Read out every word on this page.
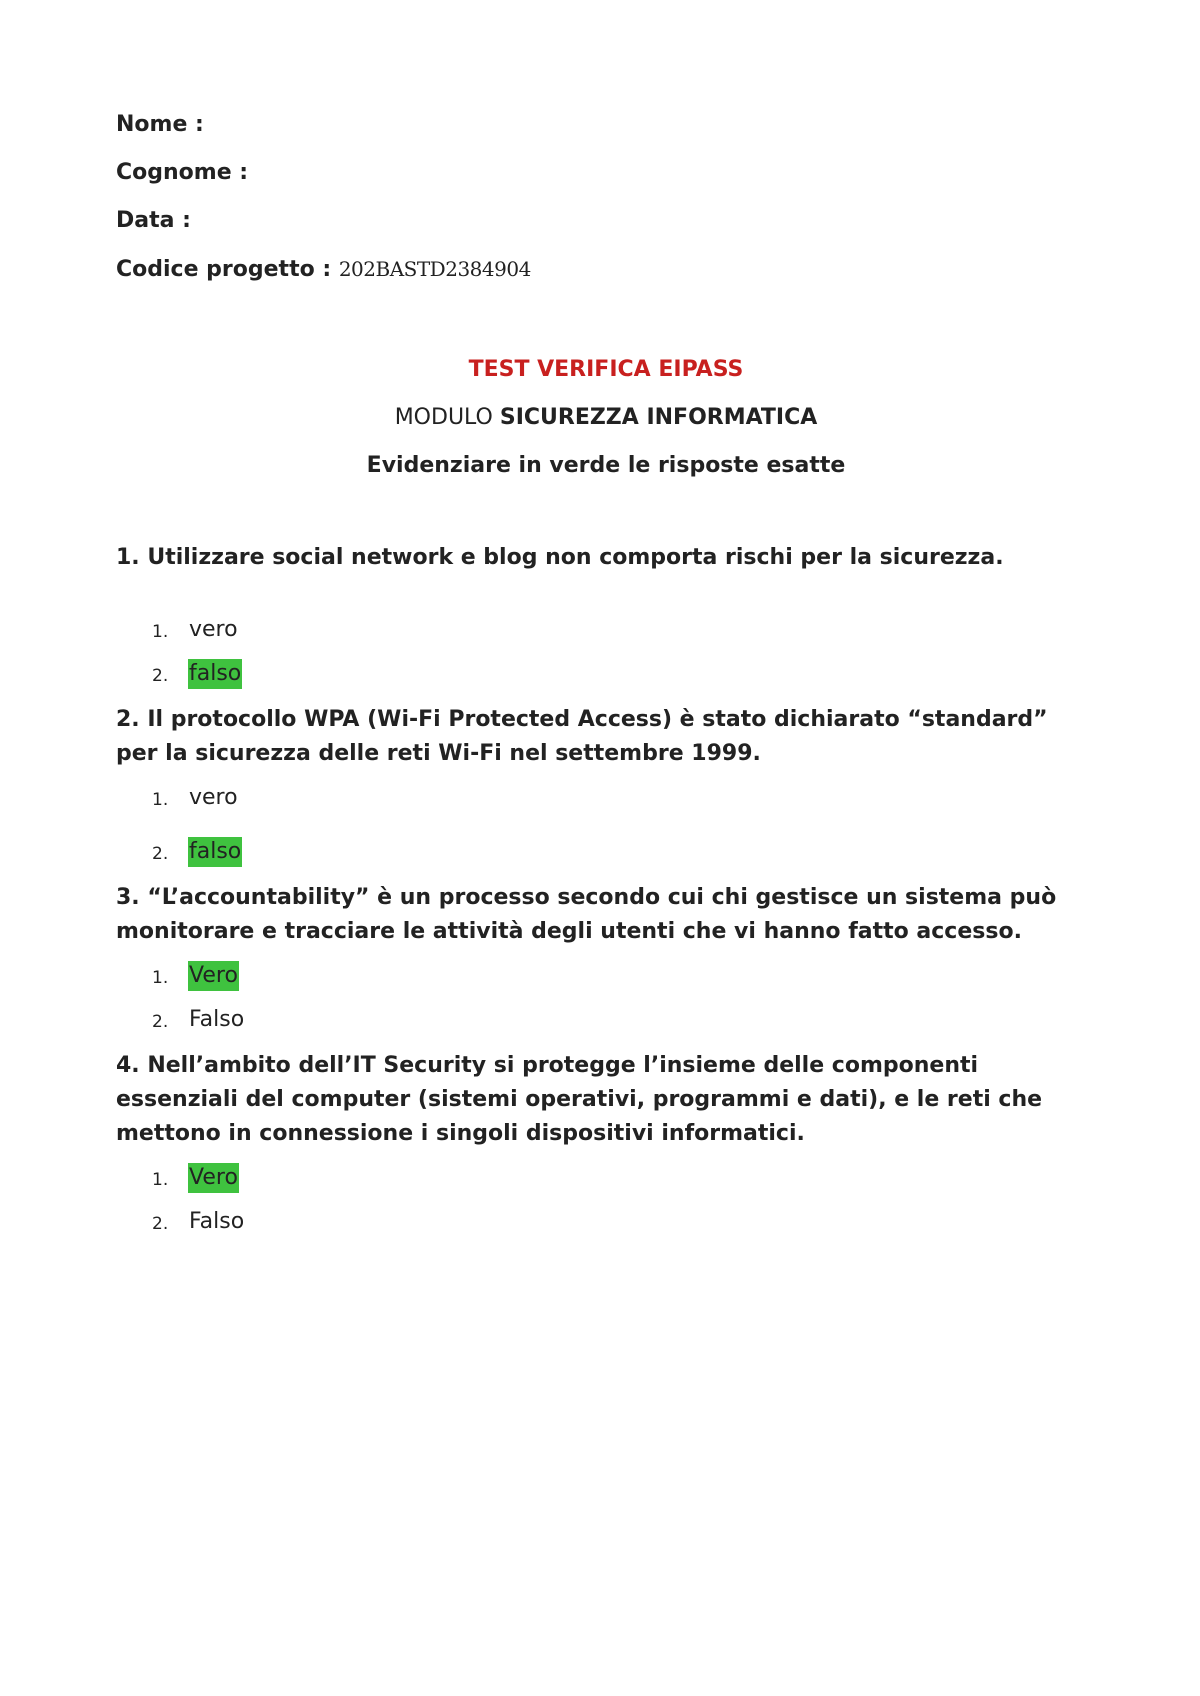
Nome :
Cognome :
Data :
Codice progetto : 202BASTD2384904
TEST VERIFICA EIPASS
MODULO SICUREZZA INFORMATICA
Evidenziare in verde le risposte esatte
1. Utilizzare social network e blog non comporta rischi per la sicurezza.
1. vero
2. falso
2. Il protocollo WPA (Wi-Fi Protected Access) è stato dichiarato “standard” per la sicurezza delle reti Wi-Fi nel settembre 1999.
1. vero
2. falso
3. “L’accountability” è un processo secondo cui chi gestisce un sistema può monitorare e tracciare le attività degli utenti che vi hanno fatto accesso.
1. Vero
2. Falso
4. Nell’ambito dell’IT Security si protegge l’insieme delle componenti essenziali del computer (sistemi operativi, programmi e dati), e le reti che mettono in connessione i singoli dispositivi informatici.
1. Vero
2. Falso
